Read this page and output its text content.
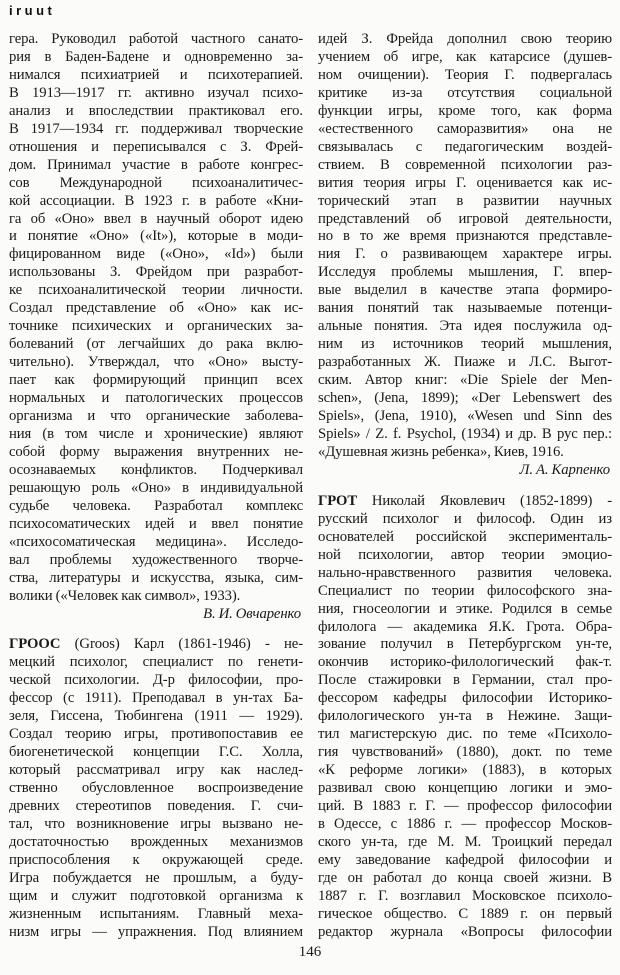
iruut
гера. Руководил работой частного санато-
рия в Баден-Бадене и одновременно за-
нимался психиатрией и психотерапией.
В 1913—1917 гг. активно изучал психо-
анализ и впоследствии практиковал его.
В 1917—1934 гг. поддерживал творческие
отношения и переписывался с З. Фрей-
дом. Принимал участие в работе конгрес-
сов Международной психоаналитичес-
кой ассоциации. В 1923 г. в работе «Кни-
га об «Оно» ввел в научный оборот идею
и понятие «Оно» («It»), которые в моди-
фицированном виде («Оно», «Id») были
использованы З. Фрейдом при разработ-
ке психоаналитической теории личности.
Создал представление об «Оно» как ис-
точнике психических и органических за-
болеваний (от легчайших до рака вклю-
чительно). Утверждал, что «Оно» высту-
пает как формирующий принцип всех
нормальных и патологических процессов
организма и что органические заболева-
ния (в том числе и хронические) являют
собой форму выражения внутренних не-
осознаваемых конфликтов. Подчеркивал
решающую роль «Оно» в индивидуальной
судьбе человека. Разработал комплекс
психосоматических идей и ввел понятие
«психосоматическая медицина». Исследо-
вал проблемы художественного творче-
ства, литературы и искусства, языка, сим-
волики («Человек как символ», 1933).
В. И. Овчаренко
ГРООС (Groos) Карл (1861-1946) - не-
мецкий психолог, специалист по генети-
ческой психологии. Д-р философии, про-
фессор (с 1911). Преподавал в ун-тах Ба-
зеля, Гиссена, Тюбингена (1911 — 1929).
Создал теорию игры, противопоставив ее
биогенетической концепции Г.С. Холла,
который рассматривал игру как наслед-
ственно обусловленное воспроизведение
древних стереотипов поведения. Г. счи-
тал, что возникновение игры вызвано не-
достаточностью врожденных механизмов
приспособления к окружающей среде.
Игра побуждается не прошлым, а буду-
щим и служит подготовкой организма к
жизненным испытаниям. Главный меха-
низм игры — упражнения. Под влиянием
идей З. Фрейда дополнил свою теорию
учением об игре, как катарсисе (душев-
ном очищении). Теория Г. подвергалась
критике из-за отсутствия социальной
функции игры, кроме того, как форма
«естественного саморазвития» она не
связывалась с педагогическим воздей-
ствием. В современной психологии раз-
вития теория игры Г. оценивается как ис-
торический этап в развитии научных
представлений об игровой деятельности,
но в то же время признаются представле-
ния Г. о развивающем характере игры.
Исследуя проблемы мышления, Г. впер-
вые выделил в качестве этапа формиро-
вания понятий так называемые потенци-
альные понятия. Эта идея послужила од-
ним из источников теорий мышления,
разработанных Ж. Пиаже и Л.С. Выгот-
ским. Автор книг: «Die Spiele der Men-
schen», (Jena, 1899); «Der Lebenswert des
Spiels», (Jena, 1910), «Wesen und Sinn des
Spiels» / Z. f. Psychol, (1934) и др. В рус пер.:
«Душевная жизнь ребенка», Киев, 1916.
Л. А. Карпенко
ГРОТ Николай Яковлевич (1852-1899) -
русский психолог и философ. Один из
основателей российской эксперименталь-
ной психологии, автор теории эмоцио-
нально-нравственного развития человека.
Специалист по теории философского зна-
ния, гносеологии и этике. Родился в семье
филолога — академика Я.К. Грота. Обра-
зование получил в Петербургском ун-те,
окончив историко-филологический фак-т.
После стажировки в Германии, стал про-
фессором кафедры философии Историко-
филологического ун-та в Нежине. Защи-
тил магистерскую дис. по теме «Психоло-
гия чувствований» (1880), докт. по теме
«К реформе логики» (1883), в которых
развивал свою концепцию логики и эмо-
ций. В 1883 г. Г. — профессор философии
в Одессе, с 1886 г. — профессор Москов-
ского ун-та, где М. М. Троицкий передал
ему заведование кафедрой философии и
где он работал до конца своей жизни. В
1887 г. Г. возглавил Московское психоло-
гическое общество. С 1889 г. он первый
редактор журнала «Вопросы философии
146
